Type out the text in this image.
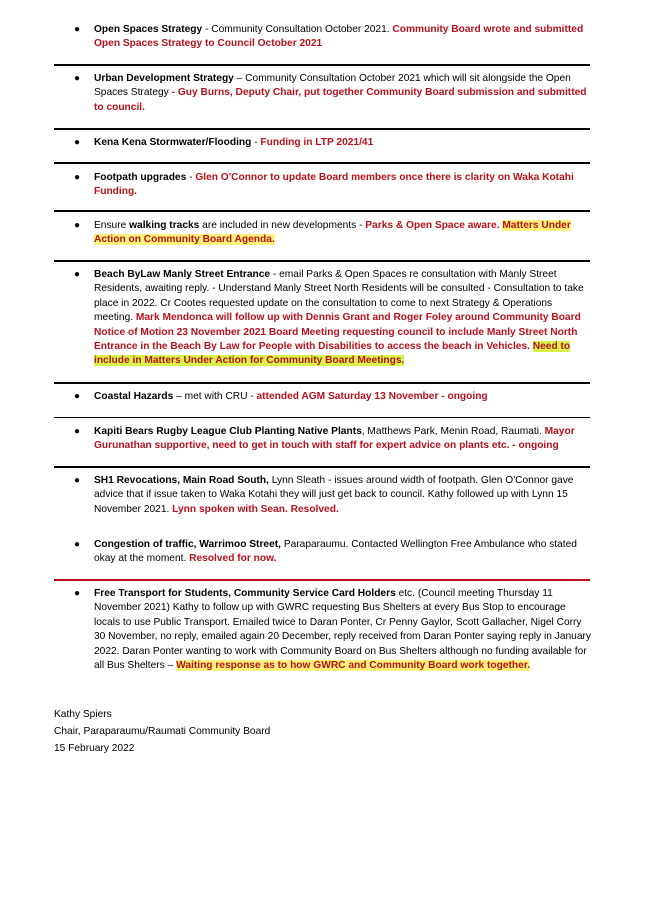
● Open Spaces Strategy - Community Consultation October 2021. Community Board wrote and submitted Open Spaces Strategy to Council October 2021
● Urban Development Strategy – Community Consultation October 2021 which will sit alongside the Open Spaces Strategy - Guy Burns, Deputy Chair, put together Community Board submission and submitted to council.
● Kena Kena Stormwater/Flooding - Funding in LTP 2021/41
● Footpath upgrades - Glen O'Connor to update Board members once there is clarity on Waka Kotahi Funding.
● Ensure walking tracks are included in new developments - Parks & Open Space aware. Matters Under Action on Community Board Agenda.
● Beach ByLaw Manly Street Entrance - email Parks & Open Spaces re consultation with Manly Street Residents, awaiting reply. - Understand Manly Street North Residents will be consulted - Consultation to take place in 2022. Cr Cootes requested update on the consultation to come to next Strategy & Operations meeting. Mark Mendonca will follow up with Dennis Grant and Roger Foley around Community Board Notice of Motion 23 November 2021 Board Meeting requesting council to include Manly Street North Entrance in the Beach By Law for People with Disabilities to access the beach in Vehicles. Need to include in Matters Under Action for Community Board Meetings.
● Coastal Hazards – met with CRU - attended AGM Saturday 13 November - ongoing
● Kapiti Bears Rugby League Club Planting Native Plants, Matthews Park, Menin Road, Raumati. Mayor Gurunathan supportive, need to get in touch with staff for expert advice on plants etc. - ongoing
● SH1 Revocations, Main Road South, Lynn Sleath - issues around width of footpath. Glen O'Connor gave advice that if issue taken to Waka Kotahi they will just get back to council. Kathy followed up with Lynn 15 November 2021. Lynn spoken with Sean. Resolved.
● Congestion of traffic, Warrimoo Street, Paraparaumu. Contacted Wellington Free Ambulance who stated okay at the moment. Resolved for now.
● Free Transport for Students, Community Service Card Holders etc. (Council meeting Thursday 11 November 2021) Kathy to follow up with GWRC requesting Bus Shelters at every Bus Stop to encourage locals to use Public Transport. Emailed twice to Daran Ponter, Cr Penny Gaylor, Scott Gallacher, Nigel Corry 30 November, no reply, emailed again 20 December, reply received from Daran Ponter saying reply in January 2022. Daran Ponter wanting to work with Community Board on Bus Shelters although no funding available for all Bus Shelters – Waiting response as to how GWRC and Community Board work together.
Kathy Spiers
Chair, Paraparaumu/Raumati Community Board
15 February 2022
